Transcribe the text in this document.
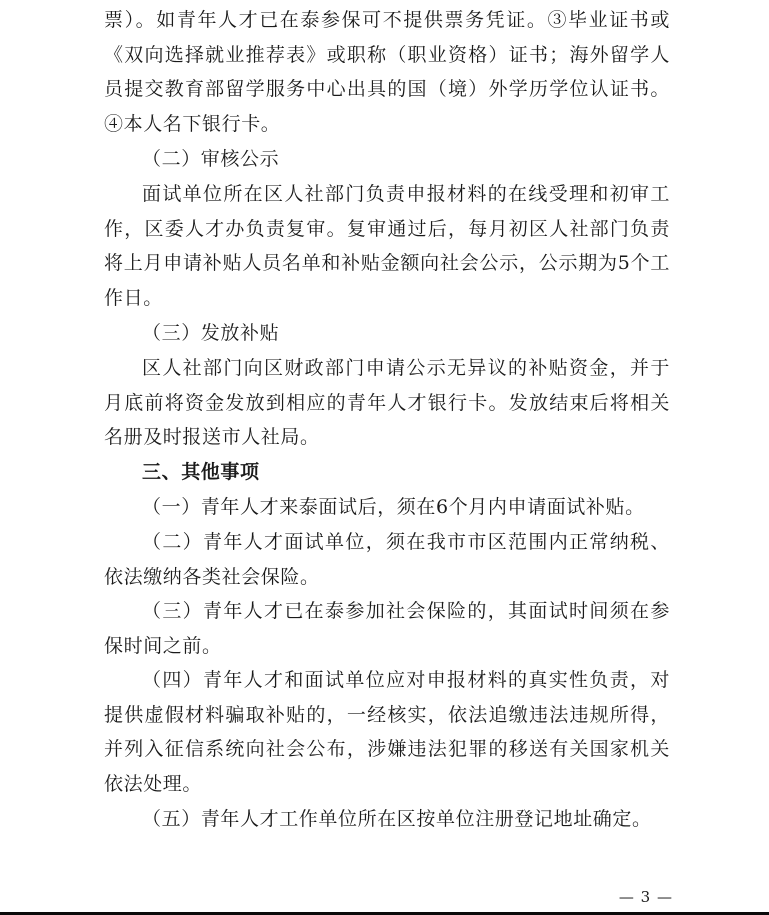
票）。如青年人才已在泰参保可不提供票务凭证。③毕业证书或《双向选择就业推荐表》或职称（职业资格）证书；海外留学人员提交教育部留学服务中心出具的国（境）外学历学位认证书。④本人名下银行卡。

（二）审核公示

面试单位所在区人社部门负责申报材料的在线受理和初审工作，区委人才办负责复审。复审通过后，每月初区人社部门负责将上月申请补贴人员名单和补贴金额向社会公示，公示期为5个工作日。

（三）发放补贴

区人社部门向区财政部门申请公示无异议的补贴资金，并于月底前将资金发放到相应的青年人才银行卡。发放结束后将相关名册及时报送市人社局。

三、其他事项

（一）青年人才来泰面试后，须在6个月内申请面试补贴。

（二）青年人才面试单位，须在我市市区范围内正常纳税、依法缴纳各类社会保险。

（三）青年人才已在泰参加社会保险的，其面试时间须在参保时间之前。

（四）青年人才和面试单位应对申报材料的真实性负责，对提供虚假材料骗取补贴的，一经核实，依法追缴违法违规所得，并列入征信系统向社会公布，涉嫌违法犯罪的移送有关国家机关依法处理。

（五）青年人才工作单位所在区按单位注册登记地址确定。

— 3 —
